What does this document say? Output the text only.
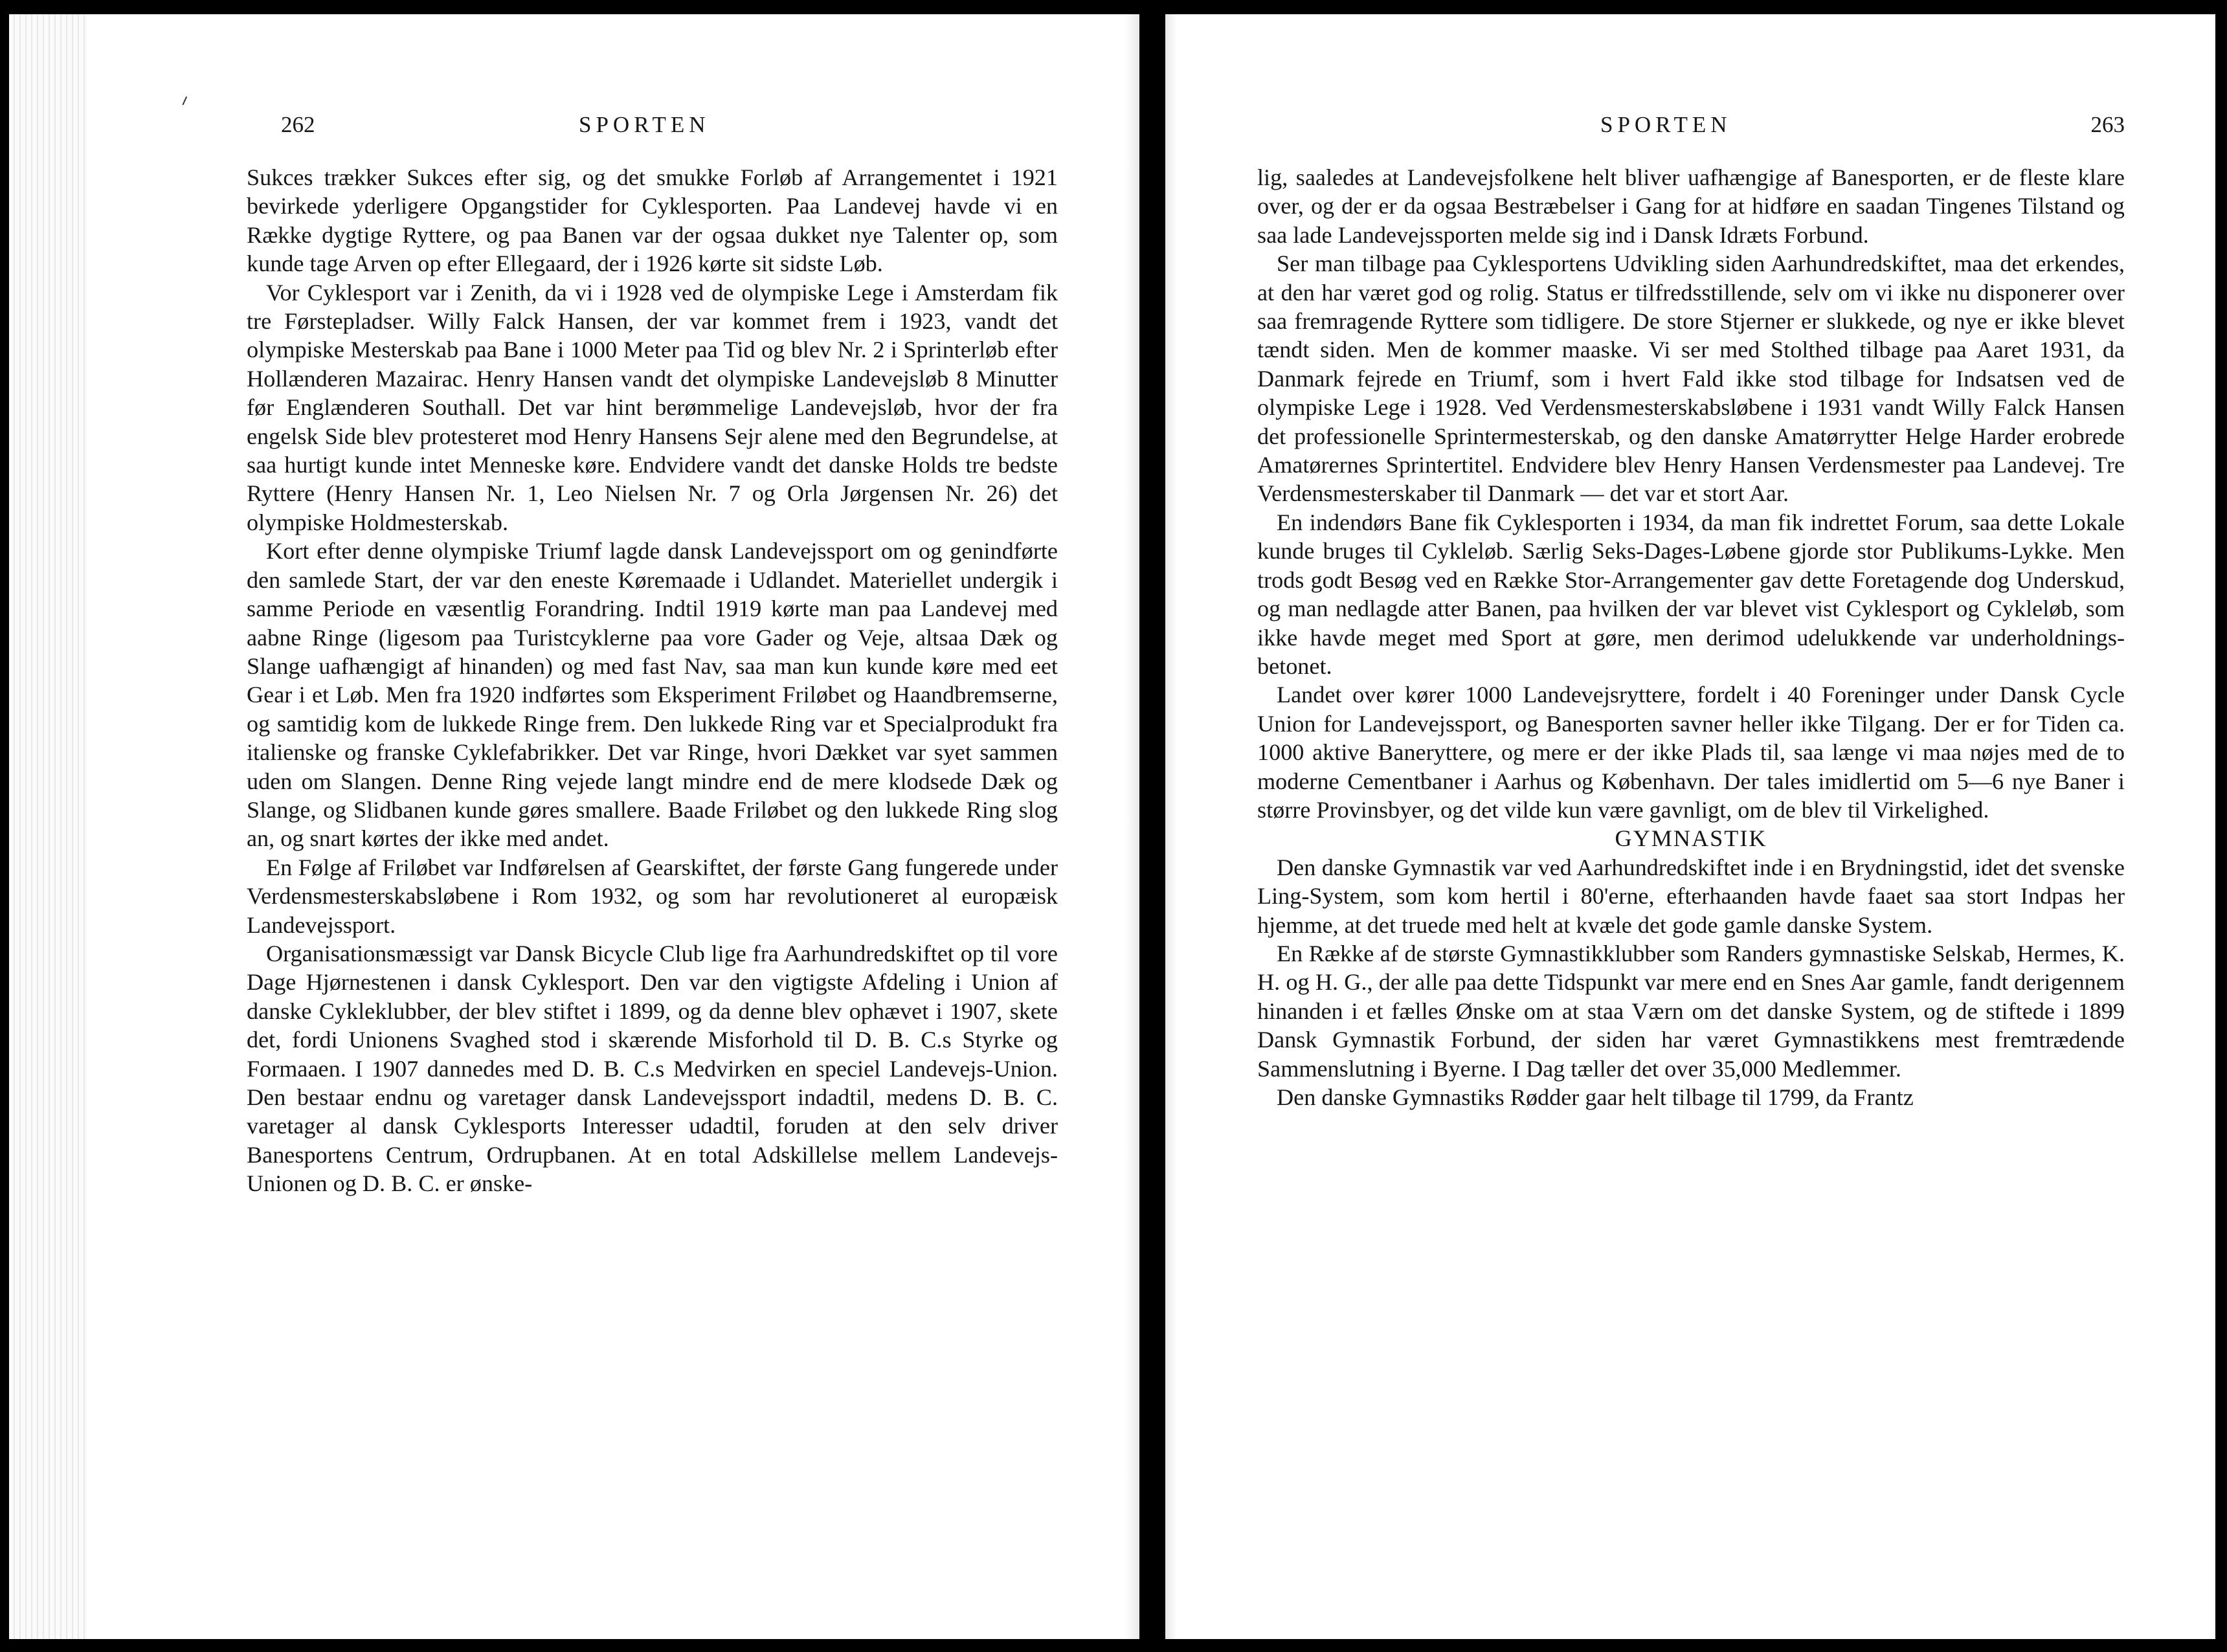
262	SPORTEN

Sukces trækker Sukces efter sig, og det smukke Forløb af Arrangementet i 1921 bevirkede yderligere Opgangstider for Cyklesporten. Paa Landevej havde vi en Række dygtige Ryttere, og paa Banen var der ogsaa dukket nye Talenter op, som kunde tage Arven op efter Ellegaard, der i 1926 kørte sit sidste Løb.

Vor Cyklesport var i Zenith, da vi i 1928 ved de olympiske Lege i Amsterdam fik tre Førstepladser. Willy Falck Hansen, der var kommet frem i 1923, vandt det olympiske Mesterskab paa Bane i 1000 Meter paa Tid og blev Nr. 2 i Sprinterløb efter Hollænderen Mazairac. Henry Hansen vandt det olympiske Landevejsløb 8 Minutter før Englænderen Southall. Det var hint berømmelige Landevejsløb, hvor der fra engelsk Side blev protesteret mod Henry Hansens Sejr alene med den Begrundelse, at saa hurtigt kunde intet Menneske køre. Endvidere vandt det danske Holds tre bedste Ryttere (Henry Hansen Nr. 1, Leo Nielsen Nr. 7 og Orla Jørgensen Nr. 26) det olympiske Holdmesterskab.

Kort efter denne olympiske Triumf lagde dansk Landevejssport om og genindførte den samlede Start, der var den eneste Køremaade i Udlandet. Materiellet undergik i samme Periode en væsentlig Forandring. Indtil 1919 kørte man paa Landevej med aabne Ringe (ligesom paa Turistcyklerne paa vore Gader og Veje, altsaa Dæk og Slange uafhængigt af hinanden) og med fast Nav, saa man kun kunde køre med eet Gear i et Løb. Men fra 1920 indførtes som Eksperiment Friløbet og Haandbremserne, og samtidig kom de lukkede Ringe frem. Den lukkede Ring var et Specialprodukt fra italienske og franske Cyklefabrikker. Det var Ringe, hvori Dækket var syet sammen uden om Slangen. Denne Ring vejede langt mindre end de mere klodsede Dæk og Slange, og Slidbanen kunde gøres smallere. Baade Friløbet og den lukkede Ring slog an, og snart kørtes der ikke med andet.

En Følge af Friløbet var Indførelsen af Gearskiftet, der første Gang fungerede under Verdensmesterskabsløbene i Rom 1932, og som har revolutioneret al europæisk Landevejssport.

Organisationsmæssigt var Dansk Bicycle Club lige fra Aarhundredskiftet op til vore Dage Hjørnestenen i dansk Cyklesport. Den var den vigtigste Afdeling i Union af danske Cykleklubber, der blev stiftet i 1899, og da denne blev ophævet i 1907, skete det, fordi Unionens Svaghed stod i skærende Misforhold til D. B. C.s Styrke og Formaaen. I 1907 dannedes med D. B. C.s Medvirken en speciel Landevejs-Union. Den bestaar endnu og varetager dansk Landevejssport indadtil, medens D. B. C. varetager al dansk Cyklesports Interesser udadtil, foruden at den selv driver Banesportens Centrum, Ordrupbanen. At en total Adskillelse mellem Landevejs-Unionen og D. B. C. er ønske-

SPORTEN	263

lig, saaledes at Landevejsfolkene helt bliver uafhængige af Banesporten, er de fleste klare over, og der er da ogsaa Bestræbelser i Gang for at hidføre en saadan Tingenes Tilstand og saa lade Landevejssporten melde sig ind i Dansk Idræts Forbund.

Ser man tilbage paa Cyklesportens Udvikling siden Aarhundredskiftet, maa det erkendes, at den har været god og rolig. Status er tilfredsstillende, selv om vi ikke nu disponerer over saa fremragende Ryttere som tidligere. De store Stjerner er slukkede, og nye er ikke blevet tændt siden. Men de kommer maaske. Vi ser med Stolthed tilbage paa Aaret 1931, da Danmark fejrede en Triumf, som i hvert Fald ikke stod tilbage for Indsatsen ved de olympiske Lege i 1928. Ved Verdensmesterskabsløbene i 1931 vandt Willy Falck Hansen det professionelle Sprintermesterskab, og den danske Amatørrytter Helge Harder erobrede Amatørernes Sprintertitel. Endvidere blev Henry Hansen Verdensmester paa Landevej. Tre Verdensmesterskaber til Danmark — det var et stort Aar.

En indendørs Bane fik Cyklesporten i 1934, da man fik indrettet Forum, saa dette Lokale kunde bruges til Cykleløb. Særlig Seks-Dages-Løbene gjorde stor Publikums-Lykke. Men trods godt Besøg ved en Række Stor-Arrangementer gav dette Foretagende dog Underskud, og man nedlagde atter Banen, paa hvilken der var blevet vist Cyklesport og Cykleløb, som ikke havde meget med Sport at gøre, men derimod udelukkende var underholdnings-betonet.

Landet over kører 1000 Landevejsryttere, fordelt i 40 Foreninger under Dansk Cycle Union for Landevejssport, og Banesporten savner heller ikke Tilgang. Der er for Tiden ca. 1000 aktive Baneryttere, og mere er der ikke Plads til, saa længe vi maa nøjes med de to moderne Cementbaner i Aarhus og København. Der tales imidlertid om 5—6 nye Baner i større Provinsbyer, og det vilde kun være gavnligt, om de blev til Virkelighed.

GYMNASTIK

Den danske Gymnastik var ved Aarhundredskiftet inde i en Brydningstid, idet det svenske Ling-System, som kom hertil i 80'erne, efterhaanden havde faaet saa stort Indpas her hjemme, at det truede med helt at kvæle det gode gamle danske System.

En Række af de største Gymnastikklubber som Randers gymnastiske Selskab, Hermes, K. H. og H. G., der alle paa dette Tidspunkt var mere end en Snes Aar gamle, fandt derigennem hinanden i et fælles Ønske om at staa Værn om det danske System, og de stiftede i 1899 Dansk Gymnastik Forbund, der siden har været Gymnastikkens mest fremtrædende Sammenslutning i Byerne. I Dag tæller det over 35,000 Medlemmer.

Den danske Gymnastiks Rødder gaar helt tilbage til 1799, da Frantz
